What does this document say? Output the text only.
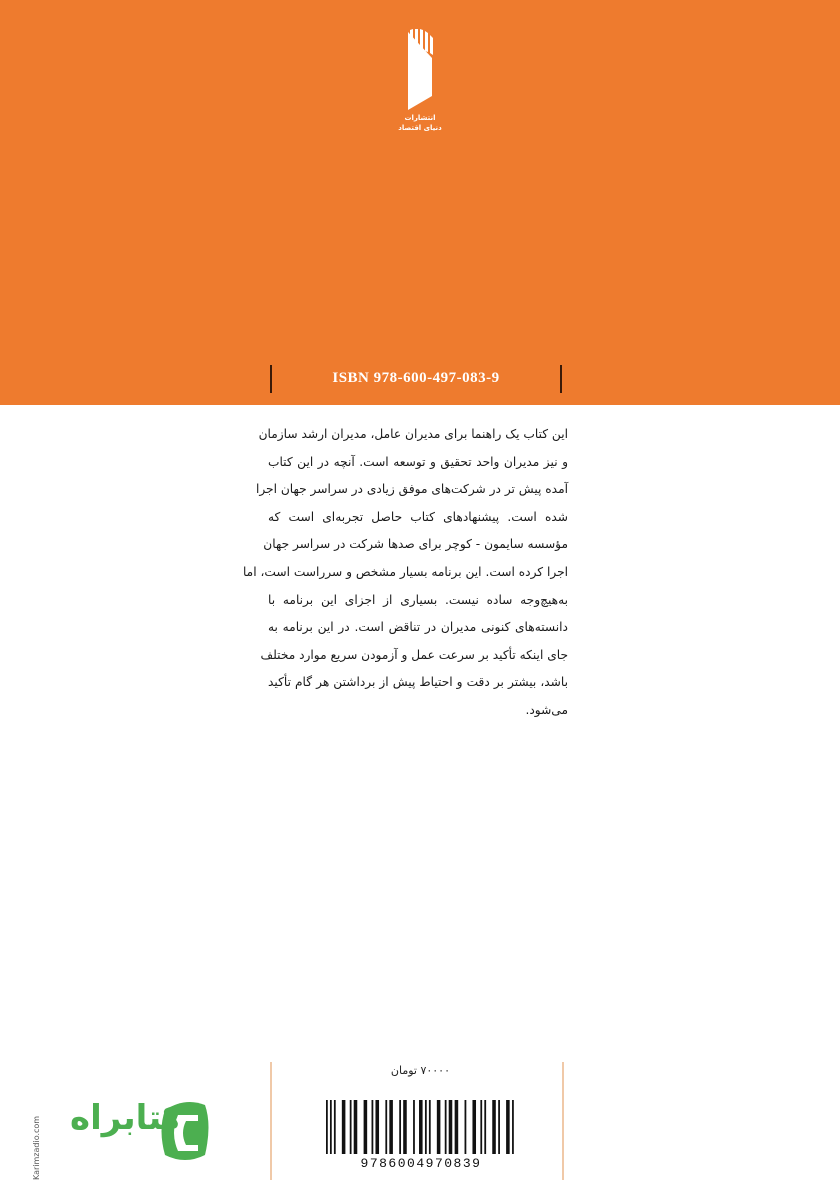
انتشارات
دنیای اقتصاد
ISBN 978-600-497-083-9
این کتاب یک راهنما برای مدیران عامل، مدیران ارشد سازمان
و نیز مدیران واحد تحقیق و توسعه است. آنچه در این کتاب
آمده پیش تر در شرکت‌های موفق زیادی در سراسر جهان اجرا
شده است. پیشنهادهای کتاب حاصل تجربه‌ای است که
مؤسسه سایمون - کوچر برای صدها شرکت در سراسر جهان
اجرا کرده است. این برنامه بسیار مشخص و سرراست است، اما
به‌هیچ‌وجه ساده نیست. بسیاری از اجزای این برنامه با
دانسته‌های کنونی مدیران در تناقض است. در این برنامه به
جای اینکه تأکید بر سرعت عمل و آزمودن سریع موارد مختلف
باشد، بیشتر بر دقت و احتیاط پیش از برداشتن هر گام تأکید
می‌شود.
۷۰۰۰۰ تومان
9786004970839
کتابراه
Karimzadio.com
